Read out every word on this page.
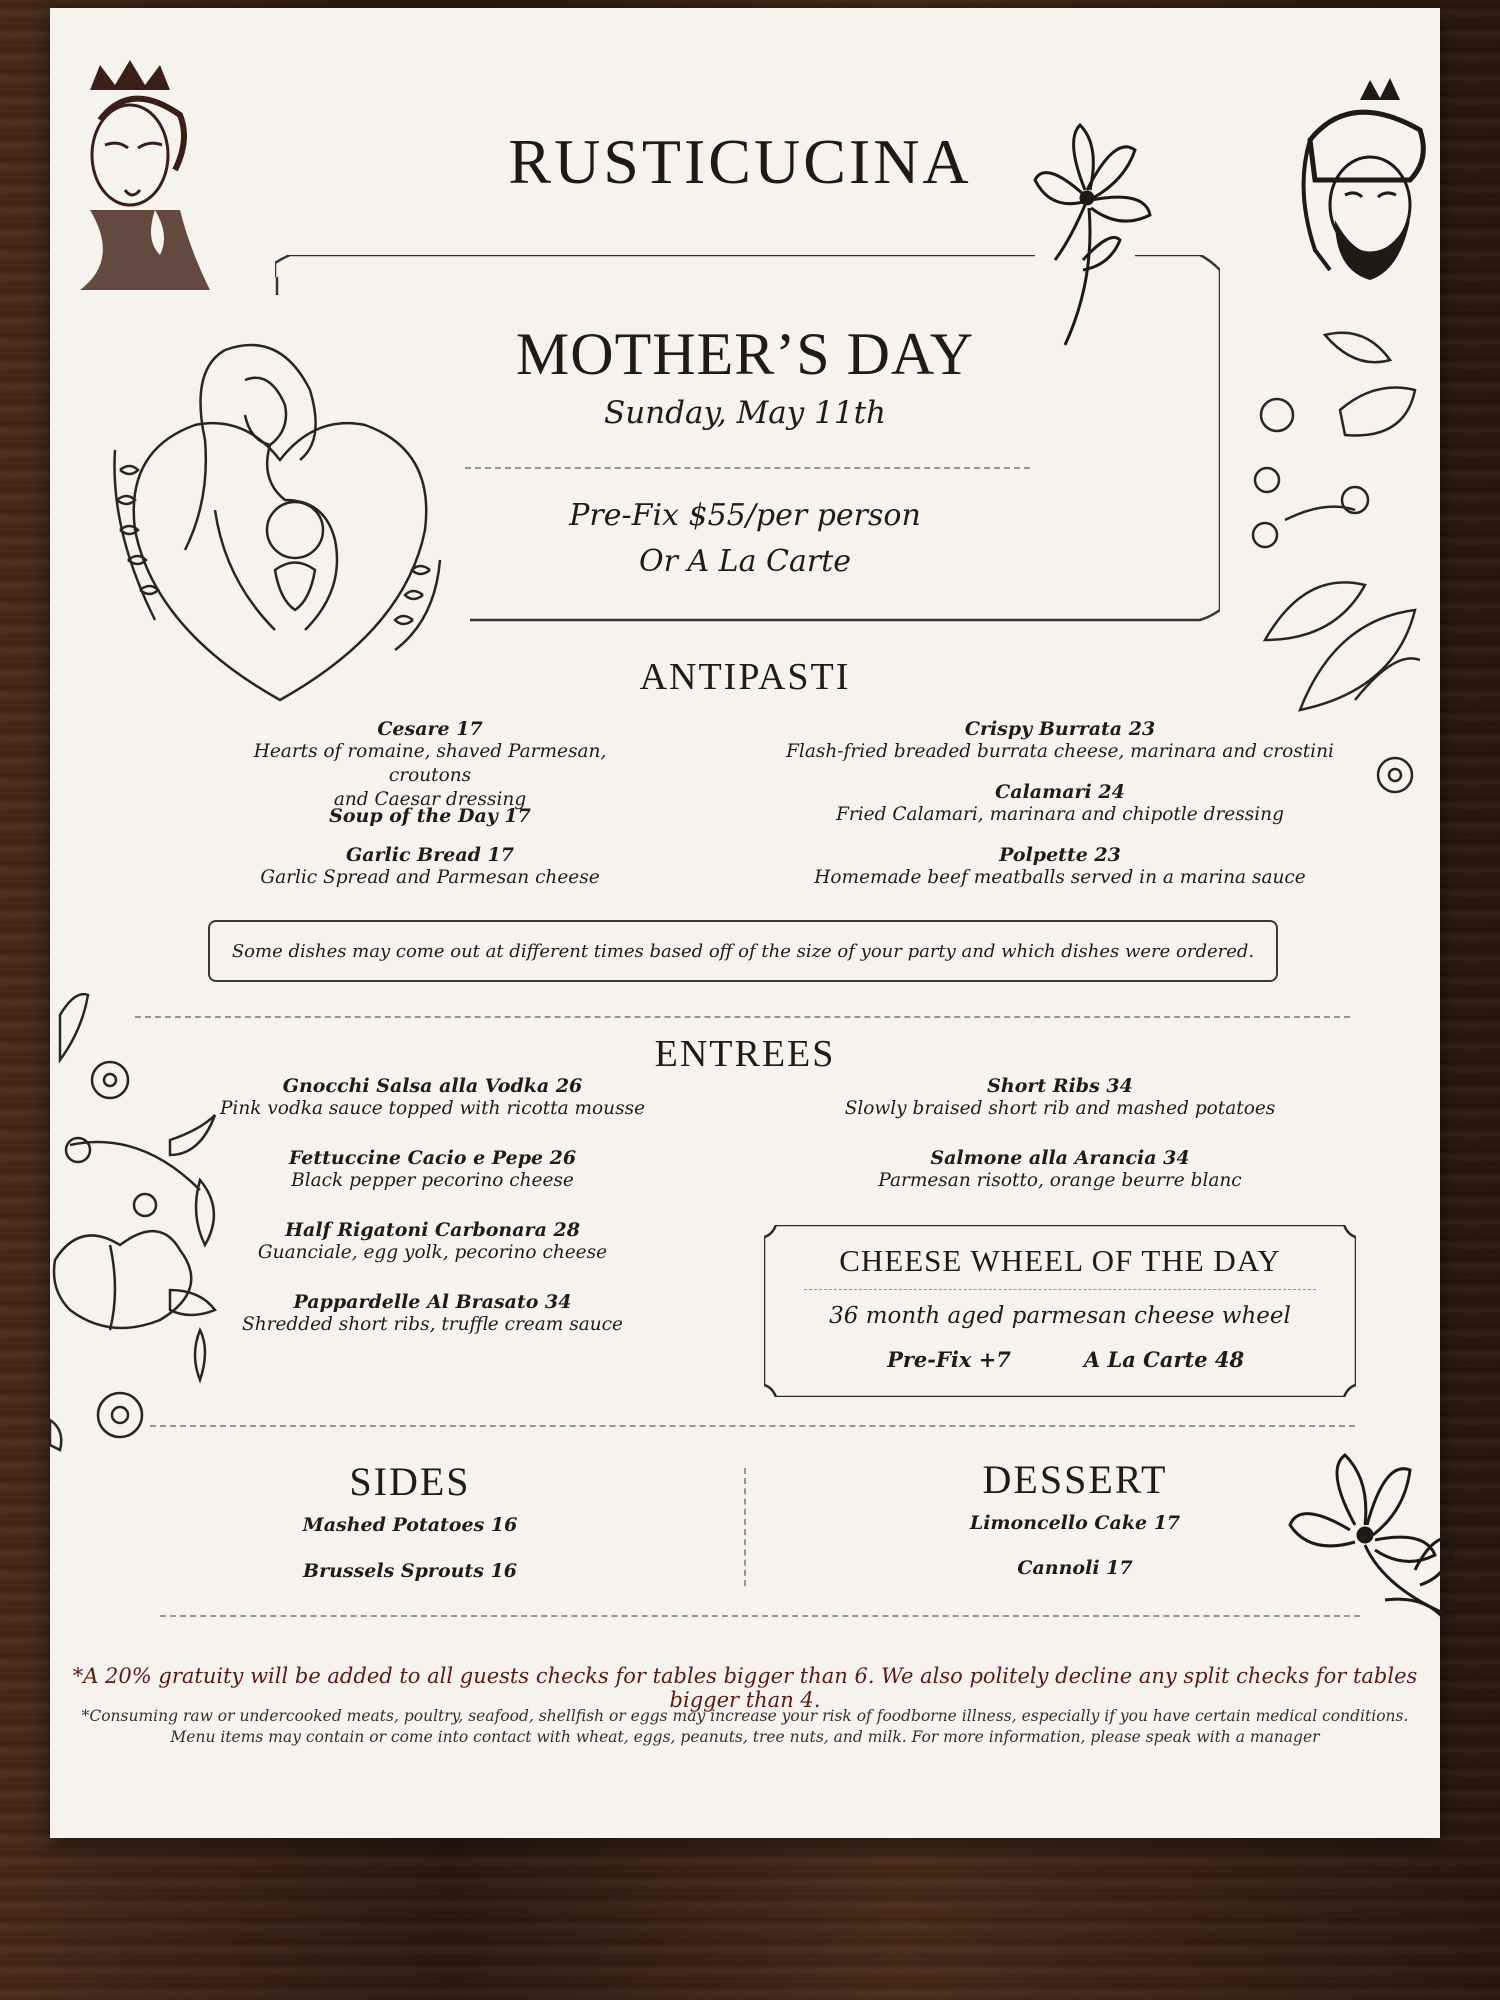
RUSTICUCINA
MOTHER’S DAY
Sunday, May 11th
Pre-Fix $55/per person
Or A La Carte
ANTIPASTI
Cesare 17
Hearts of romaine, shaved Parmesan, croutons
and Caesar dressing
Soup of the Day 17
Garlic Bread 17
Garlic Spread and Parmesan cheese
Crispy Burrata 23
Flash-fried breaded burrata cheese, marinara and crostini
Calamari 24
Fried Calamari, marinara and chipotle dressing
Polpette 23
Homemade beef meatballs served in a marina sauce
Some dishes may come out at different times based off of the size of your party and which dishes were ordered.
ENTREES
Gnocchi Salsa alla Vodka 26
Pink vodka sauce topped with ricotta mousse
Fettuccine Cacio e Pepe 26
Black pepper pecorino cheese
Half Rigatoni Carbonara 28
Guanciale, egg yolk, pecorino cheese
Pappardelle Al Brasato 34
Shredded short ribs, truffle cream sauce
Short Ribs 34
Slowly braised short rib and mashed potatoes
Salmone alla Arancia 34
Parmesan risotto, orange beurre blanc
CHEESE WHEEL OF THE DAY
36 month aged parmesan cheese wheel
Pre-Fix +7	A La Carte 48
SIDES
Mashed Potatoes 16
Brussels Sprouts 16
DESSERT
Limoncello Cake 17
Cannoli 17
*A 20% gratuity will be added to all guests checks for tables bigger than 6. We also politely decline any split checks for tables bigger than 4.
*Consuming raw or undercooked meats, poultry, seafood, shellfish or eggs may increase your risk of foodborne illness, especially if you have certain medical conditions.
Menu items may contain or come into contact with wheat, eggs, peanuts, tree nuts, and milk. For more information, please speak with a manager
